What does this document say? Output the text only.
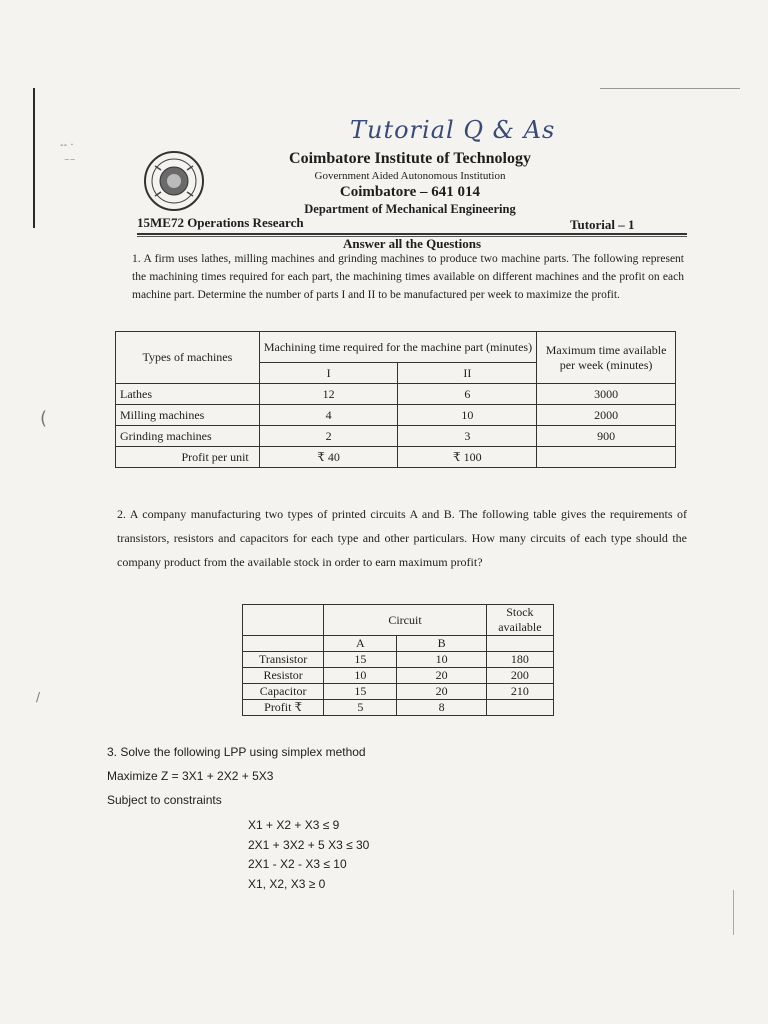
-- ·
⁻⁻
(
/
Tutorial Q & As
Coimbatore Institute of Technology
Government Aided Autonomous Institution
Coimbatore – 641 014
Department of Mechanical Engineering
15ME72 Operations Research	Tutorial – 1
Answer all the Questions
1. A firm uses lathes, milling machines and grinding machines to produce two machine parts. The following represent the machining times required for each part, the machining times available on different machines and the profit on each machine part. Determine the number of parts I and II to be manufactured per week to maximize the profit.
Types of machines	Machining time required for the machine part (minutes)		Maximum time available per week (minutes)
	I	II	
Lathes	12	6	3000
Milling machines	4	10	2000
Grinding machines	2	3	900
Profit per unit	₹ 40	₹ 100	
2. A company manufacturing two types of printed circuits A and B. The following table gives the requirements of transistors, resistors and capacitors for each type and other particulars. How many circuits of each type should the company product from the available stock in order to earn maximum profit?
	Circuit		Stock available
	A	B	
Transistor	15	10	180
Resistor	10	20	200
Capacitor	15	20	210
Profit ₹	5	8	
3. Solve the following LPP using simplex method
Maximize Z = 3X1 + 2X2 + 5X3
Subject to constraints
X1 + X2 + X3 ≤ 9
2X1 + 3X2 + 5 X3 ≤ 30
2X1 - X2 - X3 ≤ 10
X1, X2, X3 ≥ 0
